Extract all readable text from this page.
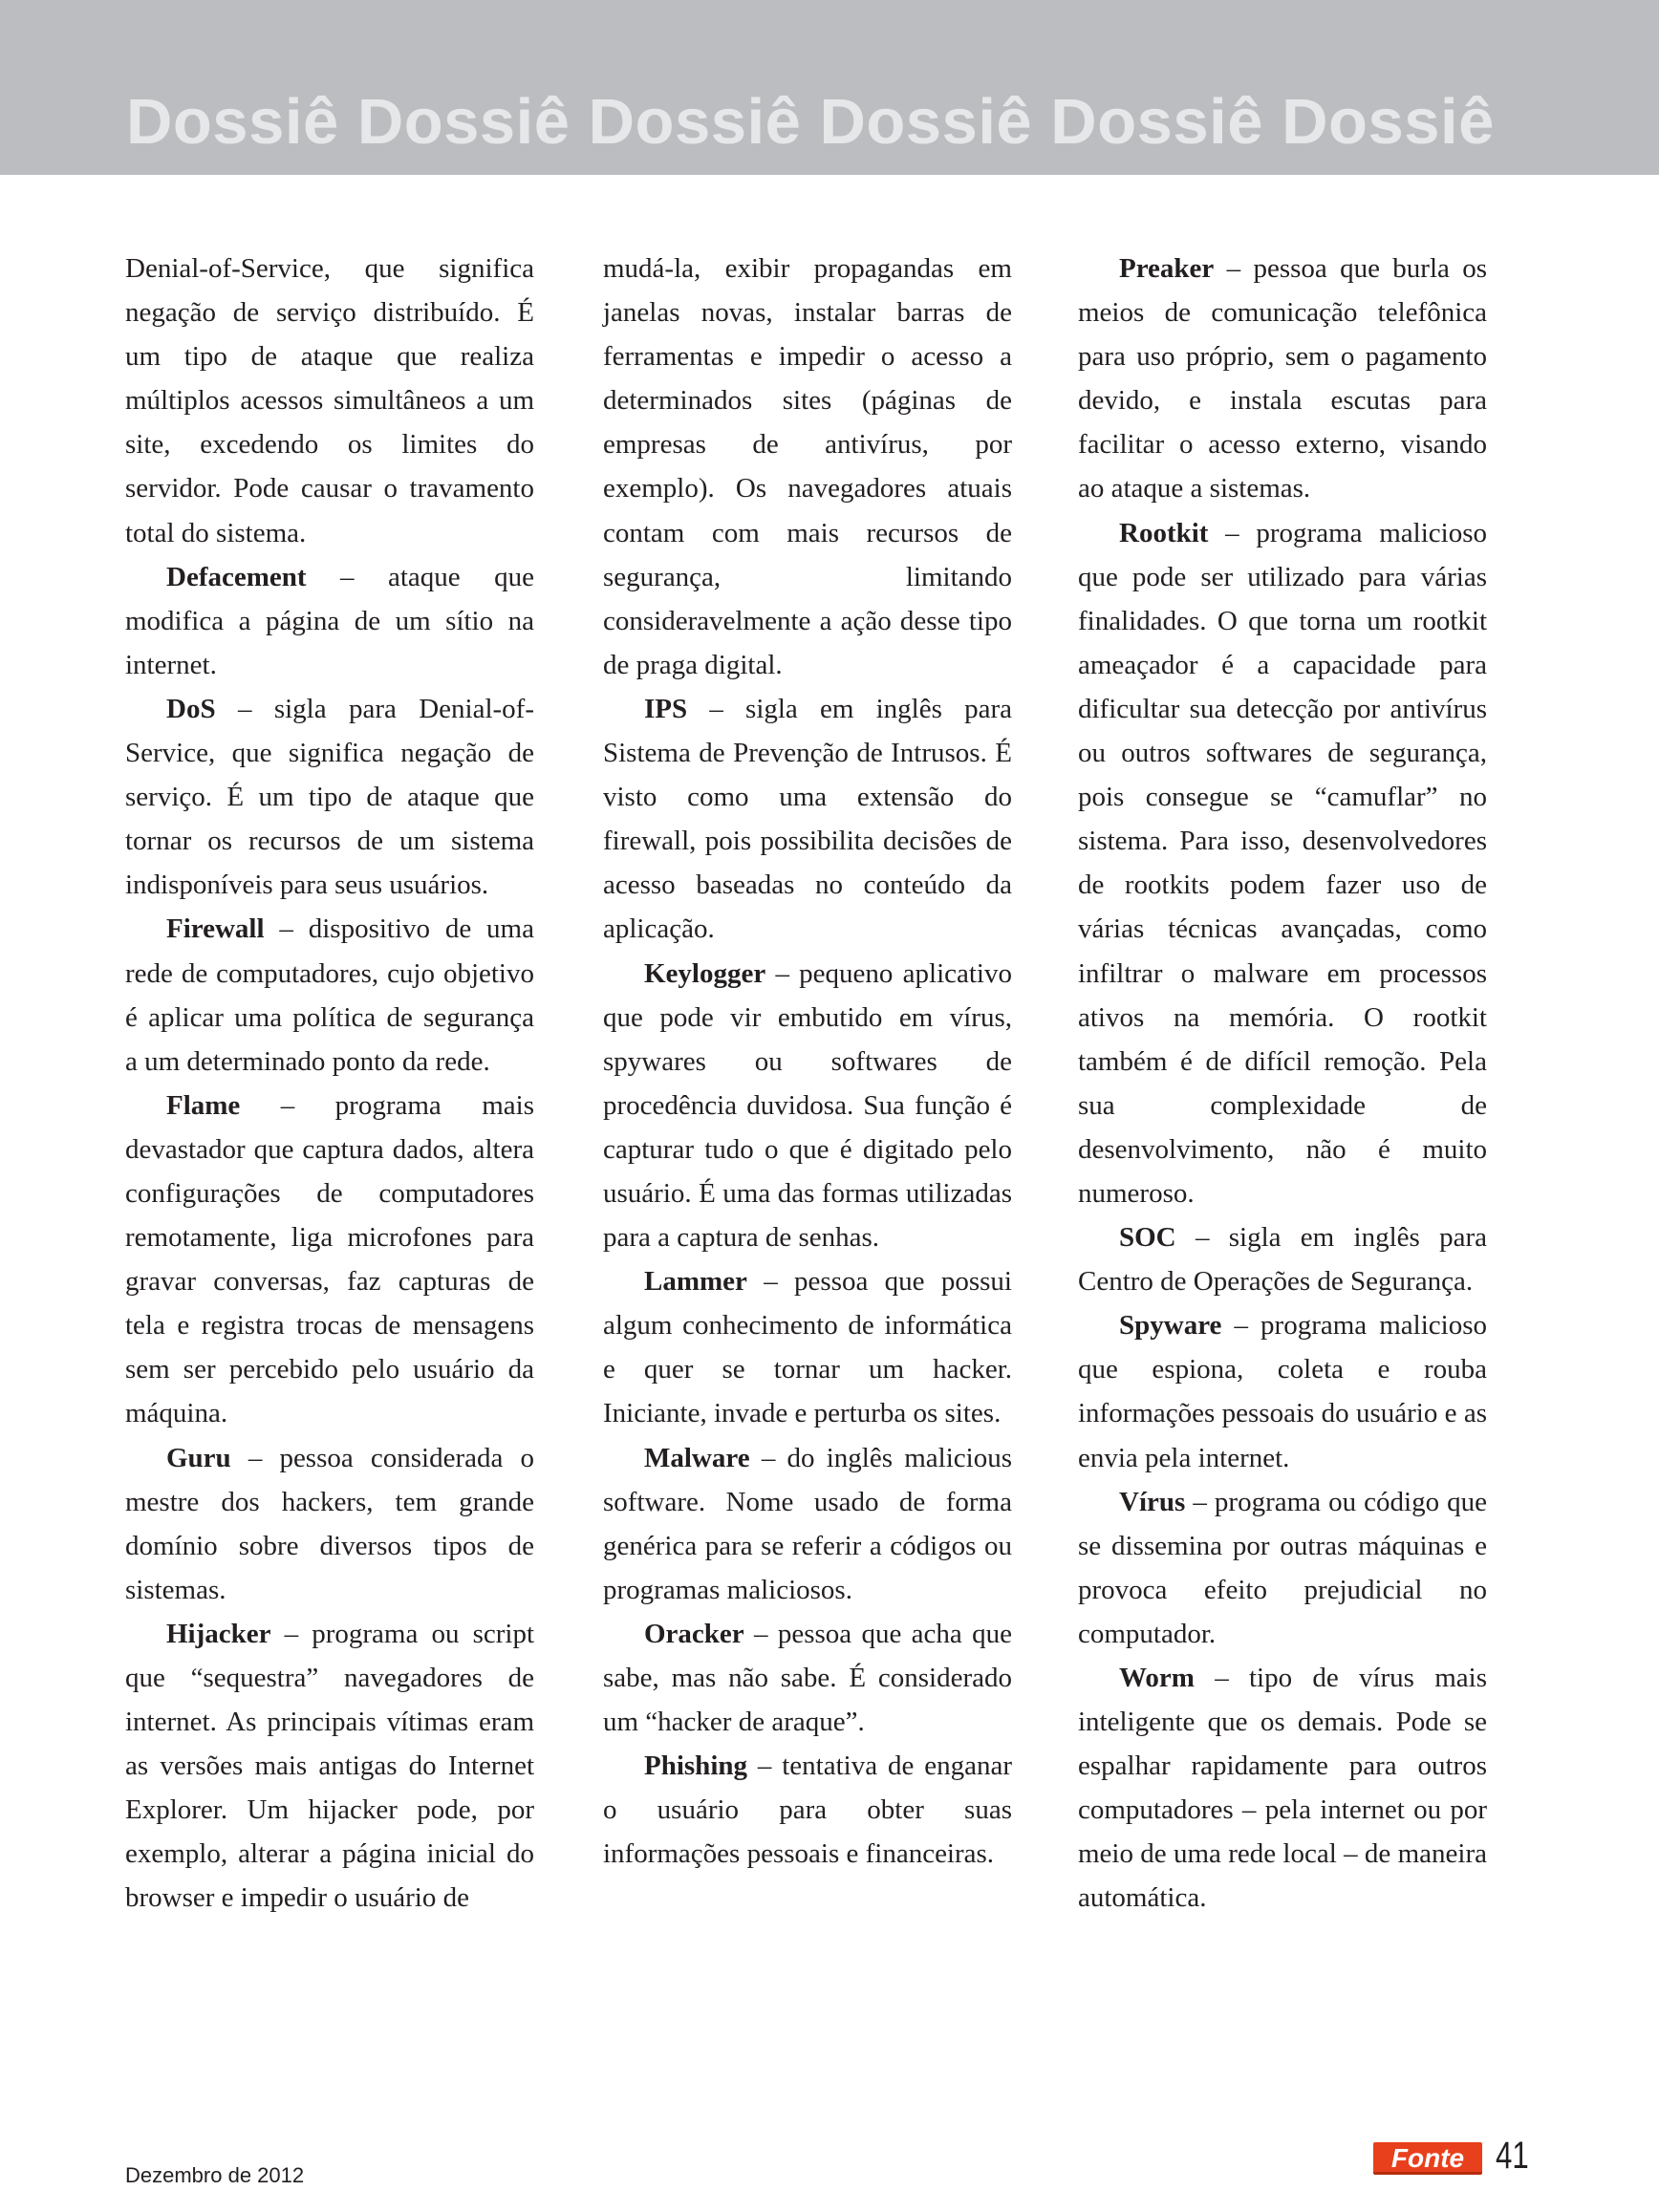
Dossiê Dossiê Dossiê Dossiê Dossiê Dossiê

Denial-of-Service, que significa negação de serviço distribuído. É um tipo de ataque que realiza múltiplos acessos simultâneos a um site, excedendo os limites do servidor. Pode causar o travamento total do sistema.

Defacement – ataque que modifica a página de um sítio na internet.

DoS – sigla para Denial-of-Service, que significa negação de serviço. É um tipo de ataque que tornar os recursos de um sistema indisponíveis para seus usuários.

Firewall – dispositivo de uma rede de computadores, cujo objetivo é aplicar uma política de segurança a um determinado ponto da rede.

Flame – programa mais devastador que captura dados, altera configurações de computadores remotamente, liga microfones para gravar conversas, faz capturas de tela e registra trocas de mensagens sem ser percebido pelo usuário da máquina.

Guru – pessoa considerada o mestre dos hackers, tem grande domínio sobre diversos tipos de sistemas.

Hijacker – programa ou script que “sequestra” navegadores de internet. As principais vítimas eram as versões mais antigas do Internet Explorer. Um hijacker pode, por exemplo, alterar a página inicial do browser e impedir o usuário de

mudá-la, exibir propagandas em janelas novas, instalar barras de ferramentas e impedir o acesso a determinados sites (páginas de empresas de antivírus, por exemplo). Os navegadores atuais contam com mais recursos de segurança, limitando consideravelmente a ação desse tipo de praga digital.

IPS – sigla em inglês para Sistema de Prevenção de Intrusos. É visto como uma extensão do firewall, pois possibilita decisões de acesso baseadas no conteúdo da aplicação.

Keylogger – pequeno aplicativo que pode vir embutido em vírus, spywares ou softwares de procedência duvidosa. Sua função é capturar tudo o que é digitado pelo usuário. É uma das formas utilizadas para a captura de senhas.

Lammer – pessoa que possui algum conhecimento de informática e quer se tornar um hacker. Iniciante, invade e perturba os sites.

Malware – do inglês malicious software. Nome usado de forma genérica para se referir a códigos ou programas maliciosos.

Oracker – pessoa que acha que sabe, mas não sabe. É considerado um “hacker de araque”.

Phishing – tentativa de enganar o usuário para obter suas informações pessoais e financeiras.

Preaker – pessoa que burla os meios de comunicação telefônica para uso próprio, sem o pagamento devido, e instala escutas para facilitar o acesso externo, visando ao ataque a sistemas.

Rootkit – programa malicioso que pode ser utilizado para várias finalidades. O que torna um rootkit ameaçador é a capacidade para dificultar sua detecção por antivírus ou outros softwares de segurança, pois consegue se “camuflar” no sistema. Para isso, desenvolvedores de rootkits podem fazer uso de várias técnicas avançadas, como infiltrar o malware em processos ativos na memória. O rootkit também é de difícil remoção. Pela sua complexidade de desenvolvimento, não é muito numeroso.

SOC – sigla em inglês para Centro de Operações de Segurança.

Spyware – programa malicioso que espiona, coleta e rouba informações pessoais do usuário e as envia pela internet.

Vírus – programa ou código que se dissemina por outras máquinas e provoca efeito prejudicial no computador.

Worm – tipo de vírus mais inteligente que os demais. Pode se espalhar rapidamente para outros computadores – pela internet ou por meio de uma rede local – de maneira automática.

Dezembro de 2012
Fonte 41
